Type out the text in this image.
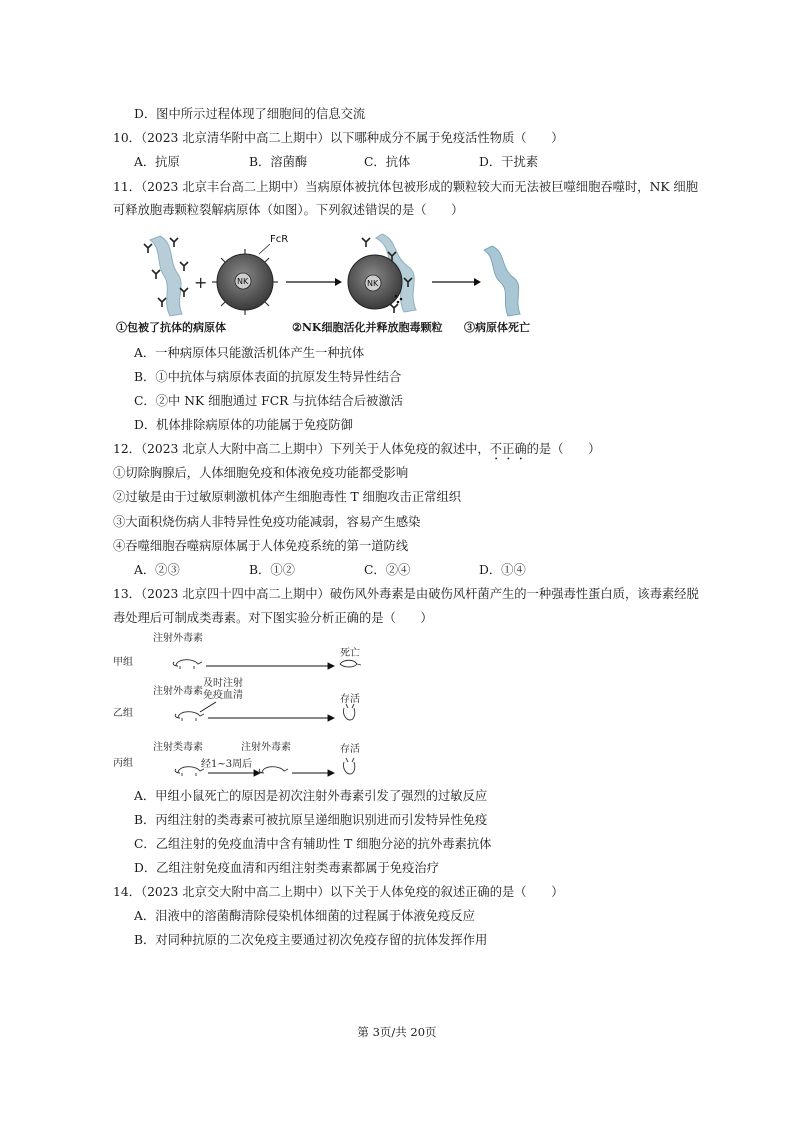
D．图中所示过程体现了细胞间的信息交流
10．（2023 北京清华附中高二上期中）以下哪种成分不属于免疫活性物质（　　）
A．抗原	B．溶菌酶	C．抗体	D．干扰素
11．（2023 北京丰台高二上期中）当病原体被抗体包被形成的颗粒较大而无法被巨噬细胞吞噬时，NK 细胞
可释放胞毒颗粒裂解病原体（如图）。下列叙述错误的是（　　）
+	NK
FcR
NK
①包被了抗体的病原体	②NK细胞活化并释放胞毒颗粒 ③病原体死亡
A．一种病原体只能激活机体产生一种抗体
B．①中抗体与病原体表面的抗原发生特异性结合
C．②中 NK 细胞通过 FCR 与抗体结合后被激活
D．机体排除病原体的功能属于免疫防御
12．（2023 北京人大附中高二上期中）下列关于人体免疫的叙述中，不正确的是（　　）
①切除胸腺后，人体细胞免疫和体液免疫功能都受影响
②过敏是由于过敏原刺激机体产生细胞毒性 T 细胞攻击正常组织
③大面积烧伤病人非特异性免疫功能减弱，容易产生感染
④吞噬细胞吞噬病原体属于人体免疫系统的第一道防线
A．②③	B．①②	C．②④	D．①④
13．（2023 北京四十四中高二上期中）破伤风外毒素是由破伤风杆菌产生的一种强毒性蛋白质，该毒素经脱
毒处理后可制成类毒素。对下图实验分析正确的是（　　）
甲组
乙组
丙组
注射外毒素
注射外毒素
及时注射
免疫血清
注射类毒素	注射外毒素
经1~3周后
死亡
存活
存活
A．甲组小鼠死亡的原因是初次注射外毒素引发了强烈的过敏反应
B．丙组注射的类毒素可被抗原呈递细胞识别进而引发特异性免疫
C．乙组注射的免疫血清中含有辅助性 T 细胞分泌的抗外毒素抗体
D．乙组注射免疫血清和丙组注射类毒素都属于免疫治疗
14．（2023 北京交大附中高二上期中）以下关于人体免疫的叙述正确的是（　　）
A．泪液中的溶菌酶清除侵染机体细菌的过程属于体液免疫反应
B．对同种抗原的二次免疫主要通过初次免疫存留的抗体发挥作用
第 3页/共 20页
